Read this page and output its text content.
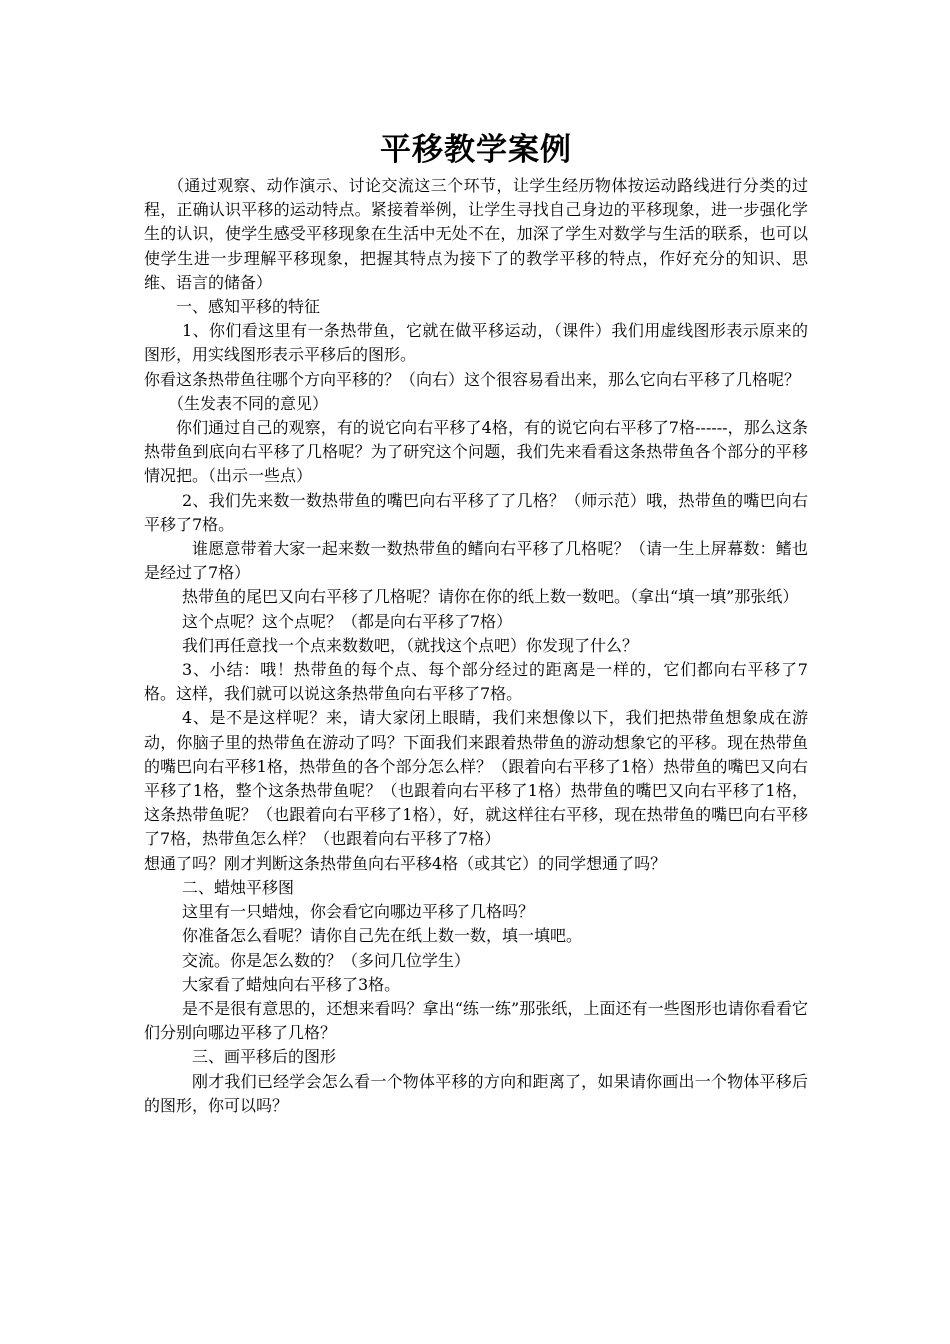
平移教学案例

（通过观察、动作演示、讨论交流这三个环节，让学生经历物体按运动路线进行分类的过程，正确认识平移的运动特点。紧接着举例，让学生寻找自己身边的平移现象，进一步强化学生的认识，使学生感受平移现象在生活中无处不在，加深了学生对数学与生活的联系，也可以使学生进一步理解平移现象，把握其特点为接下了的教学平移的特点，作好充分的知识、思维、语言的储备）

一、感知平移的特征

1、你们看这里有一条热带鱼，它就在做平移运动，（课件）我们用虚线图形表示原来的图形，用实线图形表示平移后的图形。

你看这条热带鱼往哪个方向平移的？（向右）这个很容易看出来，那么它向右平移了几格呢？

（生发表不同的意见）

你们通过自己的观察，有的说它向右平移了4格，有的说它向右平移了7格------，那么这条热带鱼到底向右平移了几格呢？为了研究这个问题，我们先来看看这条热带鱼各个部分的平移情况把。（出示一些点）

2、我们先来数一数热带鱼的嘴巴向右平移了了几格？（师示范）哦，热带鱼的嘴巴向右平移了7格。

谁愿意带着大家一起来数一数热带鱼的鳍向右平移了几格呢？（请一生上屏幕数：鳍也是经过了7格）

热带鱼的尾巴又向右平移了几格呢？请你在你的纸上数一数吧。（拿出“填一填”那张纸）

这个点呢？这个点呢？（都是向右平移了7格）

我们再任意找一个点来数数吧，（就找这个点吧）你发现了什么？

3、小结：哦！热带鱼的每个点、每个部分经过的距离是一样的，它们都向右平移了7格。这样，我们就可以说这条热带鱼向右平移了7格。

4、是不是这样呢？来，请大家闭上眼睛，我们来想像以下，我们把热带鱼想象成在游动，你脑子里的热带鱼在游动了吗？下面我们来跟着热带鱼的游动想象它的平移。现在热带鱼的嘴巴向右平移1格，热带鱼的各个部分怎么样？（跟着向右平移了1格）热带鱼的嘴巴又向右平移了1格，整个这条热带鱼呢？（也跟着向右平移了1格）热带鱼的嘴巴又向右平移了1格，这条热带鱼呢？（也跟着向右平移了1格），好，就这样往右平移，现在热带鱼的嘴巴向右平移了7格，热带鱼怎么样？（也跟着向右平移了7格）

想通了吗？刚才判断这条热带鱼向右平移4格（或其它）的同学想通了吗？

二、蜡烛平移图

这里有一只蜡烛，你会看它向哪边平移了几格吗？

你准备怎么看呢？请你自己先在纸上数一数，填一填吧。

交流。你是怎么数的？（多问几位学生）

大家看了蜡烛向右平移了3格。

是不是很有意思的，还想来看吗？拿出“练一练”那张纸，上面还有一些图形也请你看看它们分别向哪边平移了几格？

三、画平移后的图形

刚才我们已经学会怎么看一个物体平移的方向和距离了，如果请你画出一个物体平移后的图形，你可以吗？
